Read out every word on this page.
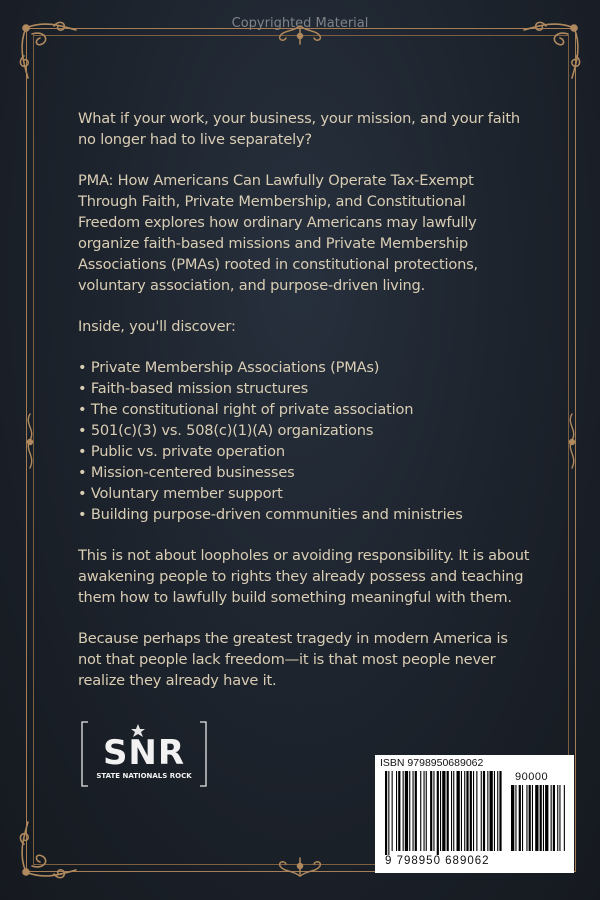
Copyrighted Material

What if your work, your business, your mission, and your faith no longer had to live separately?

PMA: How Americans Can Lawfully Operate Tax-Exempt Through Faith, Private Membership, and Constitutional Freedom explores how ordinary Americans may lawfully organize faith-based missions and Private Membership Associations (PMAs) rooted in constitutional protections, voluntary association, and purpose-driven living.

Inside, you'll discover:

• Private Membership Associations (PMAs)
• Faith-based mission structures
• The constitutional right of private association
• 501(c)(3) vs. 508(c)(1)(A) organizations
• Public vs. private operation
• Mission-centered businesses
• Voluntary member support
• Building purpose-driven communities and ministries

This is not about loopholes or avoiding responsibility. It is about awakening people to rights they already possess and teaching them how to lawfully build something meaningful with them.

Because perhaps the greatest tragedy in modern America is not that people lack freedom—it is that most people never realize they already have it.

SNR
STATE NATIONALS ROCK
ISBN 9798950689062
90000
9 798950 689062
